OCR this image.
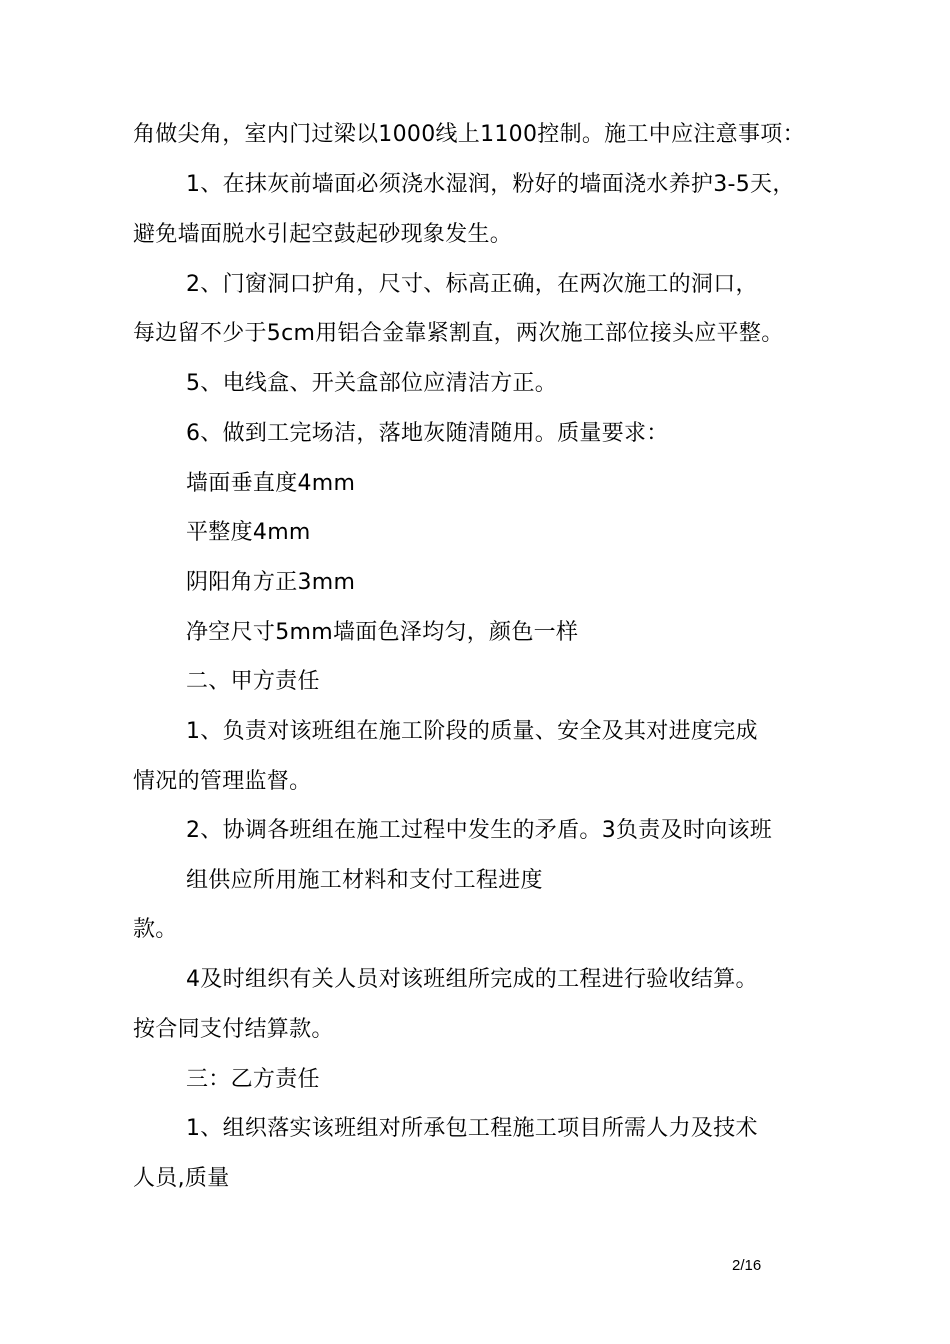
角做尖角，室内门过梁以1000线上1100控制。施工中应注意事项：
1、在抹灰前墙面必须浇水湿润，粉好的墙面浇水养护3-5天，
避免墙面脱水引起空鼓起砂现象发生。
2、门窗洞口护角，尺寸、标高正确，在两次施工的洞口，
每边留不少于5cm用铝合金靠紧割直，两次施工部位接头应平整。
5、电线盒、开关盒部位应清洁方正。
6、做到工完场洁，落地灰随清随用。质量要求：
墙面垂直度4mm
平整度4mm
阴阳角方正3mm
净空尺寸5mm墙面色泽均匀，颜色一样
二、甲方责任
1、负责对该班组在施工阶段的质量、安全及其对进度完成
情况的管理监督。
2、协调各班组在施工过程中发生的矛盾。3负责及时向该班
组供应所用施工材料和支付工程进度
款。
4及时组织有关人员对该班组所完成的工程进行验收结算。
按合同支付结算款。
三：乙方责任
1、组织落实该班组对所承包工程施工项目所需人力及技术
人员,质量
2/16
